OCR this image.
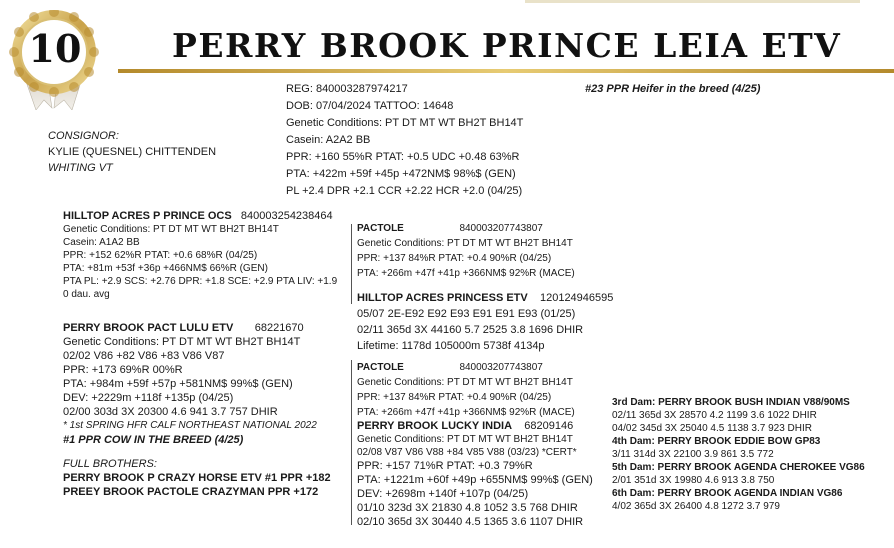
10	PERRY BROOK PRINCE LEIA ETV
#23 PPR Heifer in the breed (4/25)
REG: 840003287974217
DOB: 07/04/2024 TATTOO: 14648
Genetic Conditions: PT DT MT WT BH2T BH14T
Casein: A2A2 BB
PPR: +160 55%R PTAT: +0.5 UDC +0.48 63%R
PTA: +422m +59f +45p +472NM$ 98%$ (GEN)
PL +2.4 DPR +2.1 CCR +2.22 HCR +2.0 (04/25)
CONSIGNOR:
KYLIE (QUESNEL) CHITTENDEN
WHITING VT
HILLTOP ACRES P PRINCE OCS 840003254238464
Genetic Conditions: PT DT MT WT BH2T BH14T
Casein: A1A2 BB
PPR: +152 62%R PTAT: +0.6 68%R (04/25)
PTA: +81m +53f +36p +466NM$ 66%R (GEN)
PTA PL: +2.9 SCS: +2.76 DPR: +1.8 SCE: +2.9 PTA LIV: +1.9
0 dau. avg
PERRY BROOK PACT LULU ETV 68221670
Genetic Conditions: PT DT MT WT BH2T BH14T
02/02 V86 +82 V86 +83 V86 V87
PPR: +173 69%R 00%R
PTA: +984m +59f +57p +581NM$ 99%$ (GEN)
DEV: +2229m +118f +135p (04/25)
02/00 303d 3X 20300 4.6 941 3.7 757 DHIR
* 1st SPRING HFR CALF NORTHEAST NATIONAL 2022
#1 PPR COW IN THE BREED (4/25)
FULL BROTHERS:
PERRY BROOK P CRAZY HORSE ETV #1 PPR +182
PREEY BROOK PACTOLE CRAZYMAN PPR +172
PACTOLE	840003207743807
Genetic Conditions: PT DT MT WT BH2T BH14T
PPR: +137 84%R PTAT: +0.4 90%R (04/25)
PTA: +266m +47f +41p +366NM$ 92%R (MACE)
HILLTOP ACRES PRINCESS ETV 120124946595
05/07 2E-E92 E92 E93 E91 E91 E93 (01/25)
02/11 365d 3X 44160 5.7 2525 3.8 1696 DHIR
Lifetime: 1178d 105000m 5738f 4134p
PACTOLE	840003207743807
Genetic Conditions: PT DT MT WT BH2T BH14T
PPR: +137 84%R PTAT: +0.4 90%R (04/25)
PTA: +266m +47f +41p +366NM$ 92%R (MACE)
PERRY BROOK LUCKY INDIA 68209146
Genetic Conditions: PT DT MT WT BH2T BH14T
02/08 V87 V86 V88 +84 V85 V88 (03/23) *CERT*
PPR: +157 71%R PTAT: +0.3 79%R
PTA: +1221m +60f +49p +655NM$ 99%$ (GEN)
DEV: +2698m +140f +107p (04/25)
01/10 323d 3X 21830 4.8 1052 3.5 768 DHIR
02/10 365d 3X 30440 4.5 1365 3.6 1107 DHIR
3rd Dam: PERRY BROOK BUSH INDIAN V88/90MS
02/11 365d 3X 28570 4.2 1199 3.6 1022 DHIR
04/02 345d 3X 25040 4.5 1138 3.7 923 DHIR
4th Dam: PERRY BROOK EDDIE BOW GP83
3/11 314d 3X 22100 3.9 861 3.5 772
5th Dam: PERRY BROOK AGENDA CHEROKEE VG86
2/01 351d 3X 19980 4.6 913 3.8 750
6th Dam: PERRY BROOK AGENDA INDIAN VG86
4/02 365d 3X 26400 4.8 1272 3.7 979
